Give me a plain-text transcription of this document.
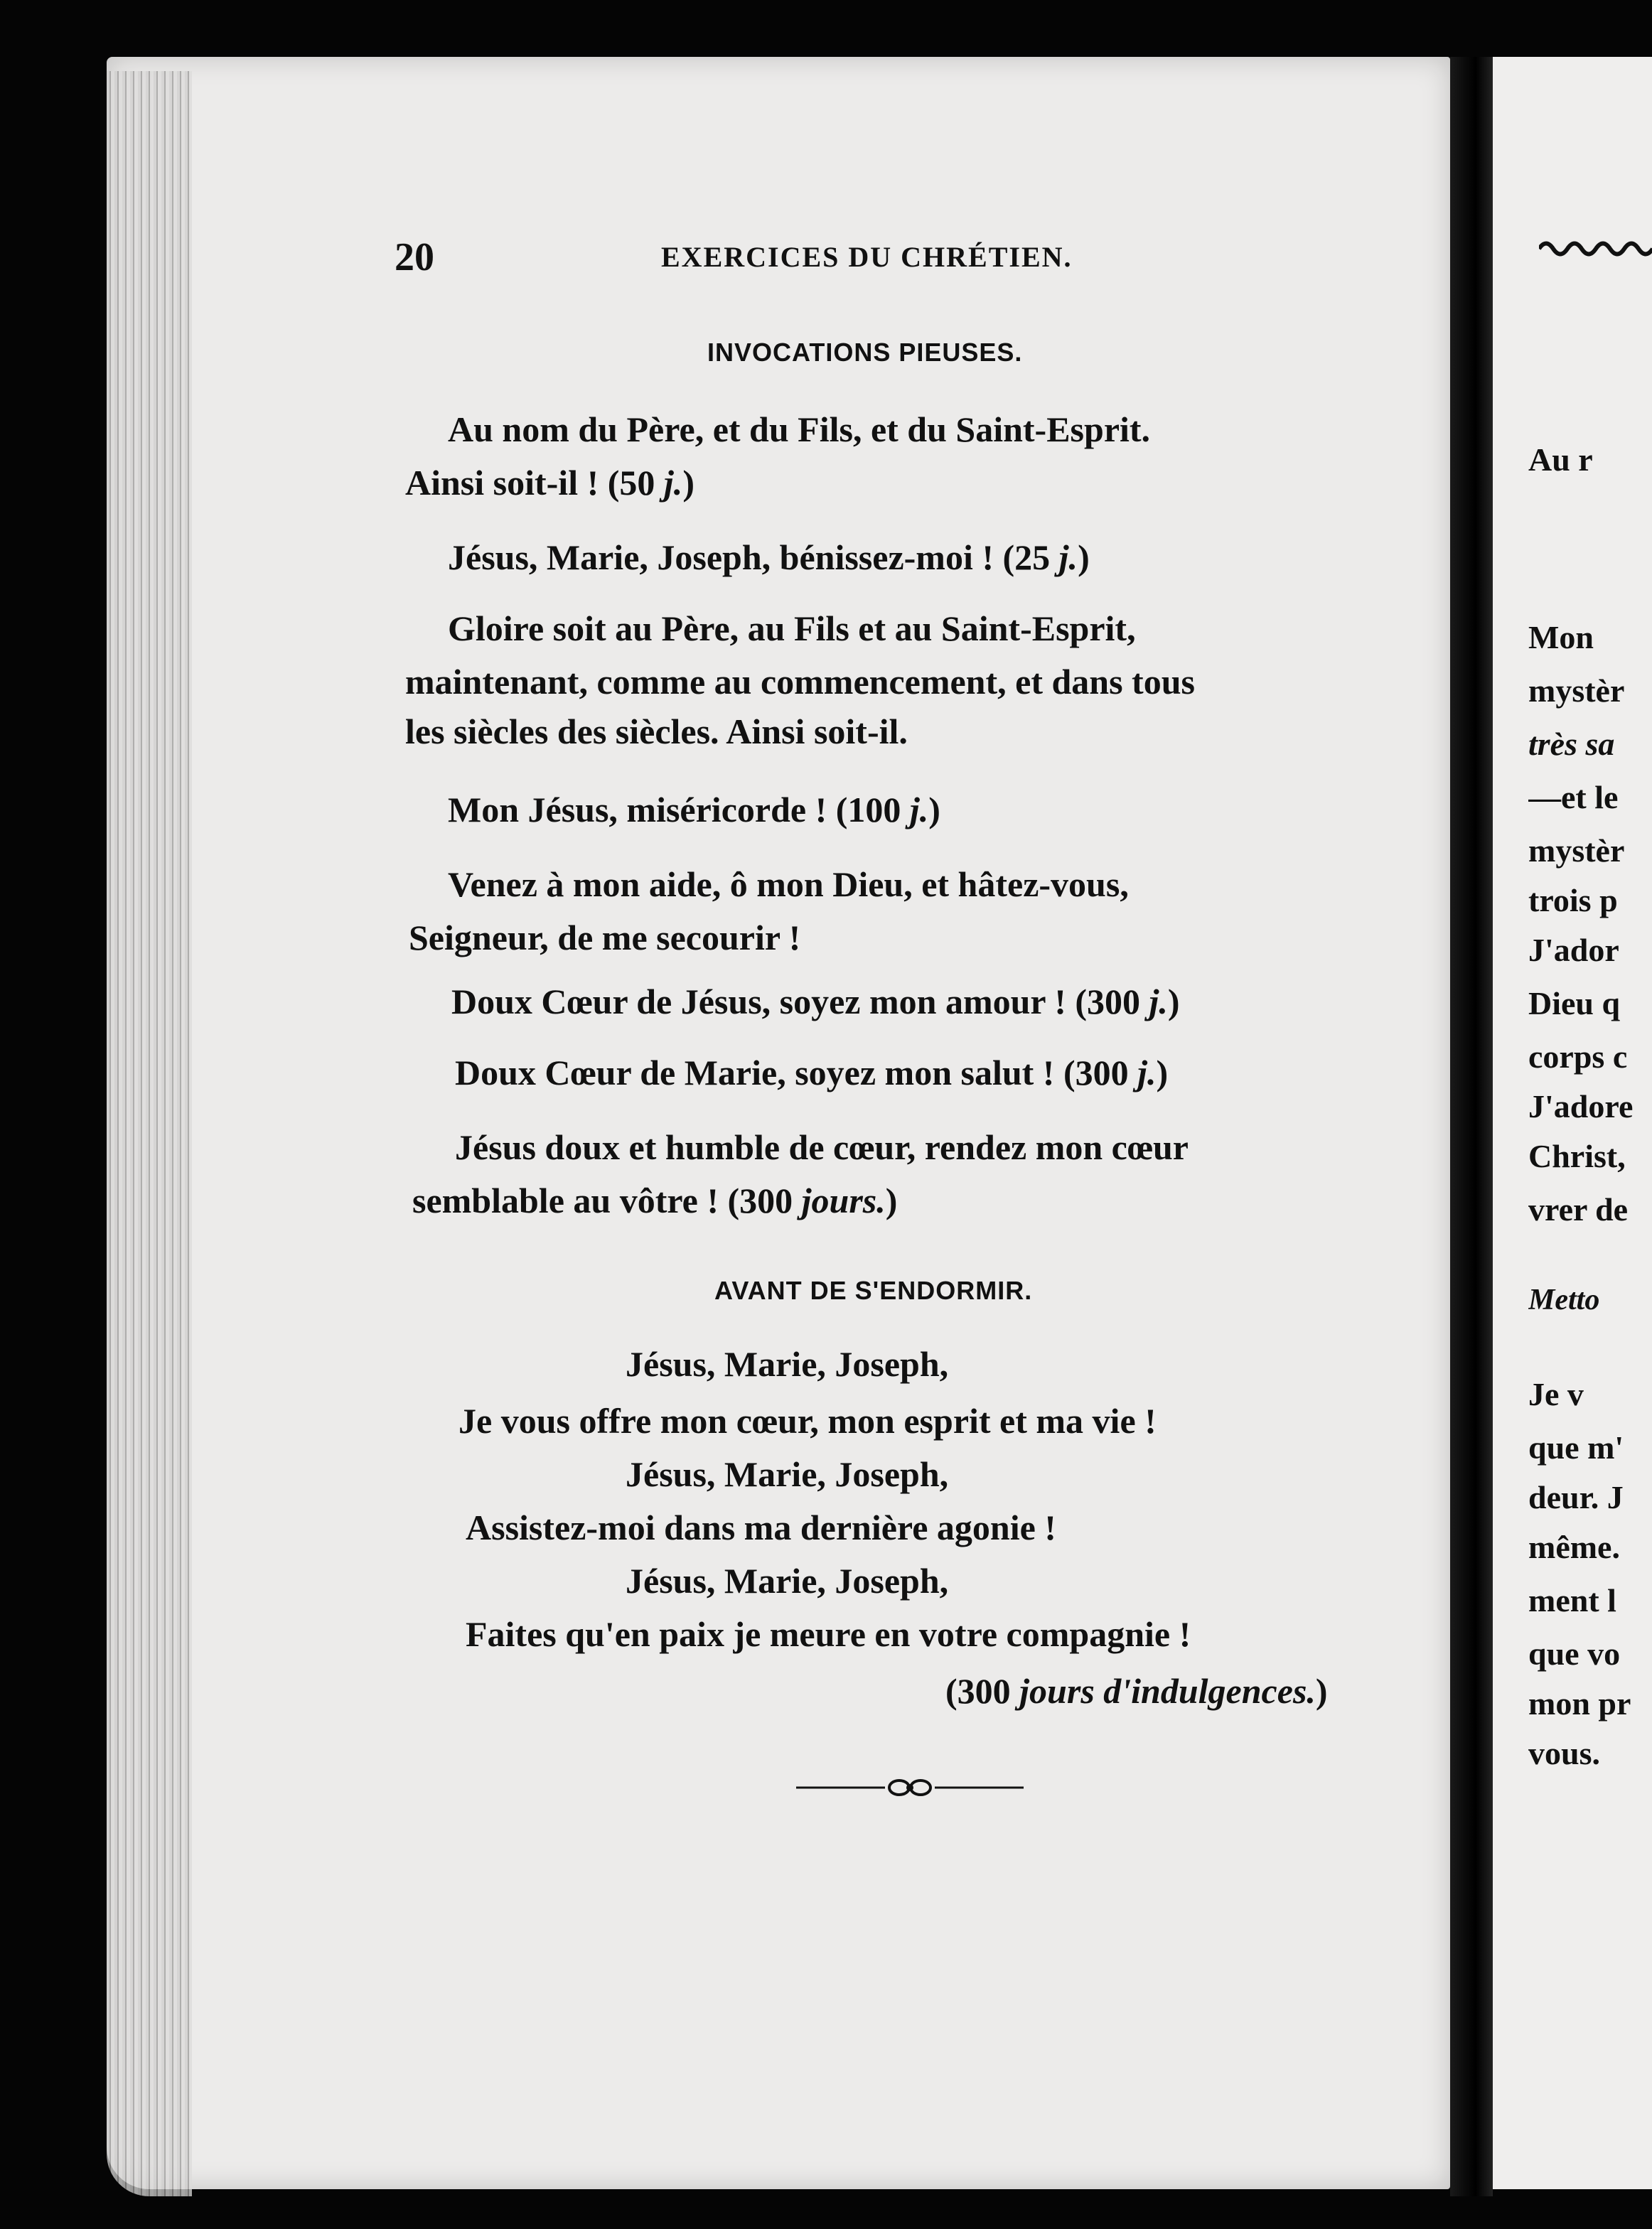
20	EXERCICES DU CHRÉTIEN.
INVOCATIONS PIEUSES.
Au nom du Père, et du Fils, et du Saint-Esprit.
Ainsi soit-il ! (50 j.)
Jésus, Marie, Joseph, bénissez-moi ! (25 j.)
Gloire soit au Père, au Fils et au Saint-Esprit,
maintenant, comme au commencement, et dans tous
les siècles des siècles. Ainsi soit-il.
Mon Jésus, miséricorde ! (100 j.)
Venez à mon aide, ô mon Dieu, et hâtez-vous,
Seigneur, de me secourir !
Doux Cœur de Jésus, soyez mon amour ! (300 j.)
Doux Cœur de Marie, soyez mon salut ! (300 j.)
Jésus doux et humble de cœur, rendez mon cœur
semblable au vôtre ! (300 jours.)
AVANT DE S'ENDORMIR.
Jésus, Marie, Joseph,
Je vous offre mon cœur, mon esprit et ma vie !
Jésus, Marie, Joseph,
Assistez-moi dans ma dernière agonie !
Jésus, Marie, Joseph,
Faites qu'en paix je meure en votre compagnie !
(300 jours d'indulgences.)
Au r
Mon
mystèr
très sa
—et le
mystèr
trois p
J'ador
Dieu q
corps c
J'adore
Christ,
vrer de
Metto
Je v
que m'
deur. J
même.
ment l
que vo
mon pr
vous.
